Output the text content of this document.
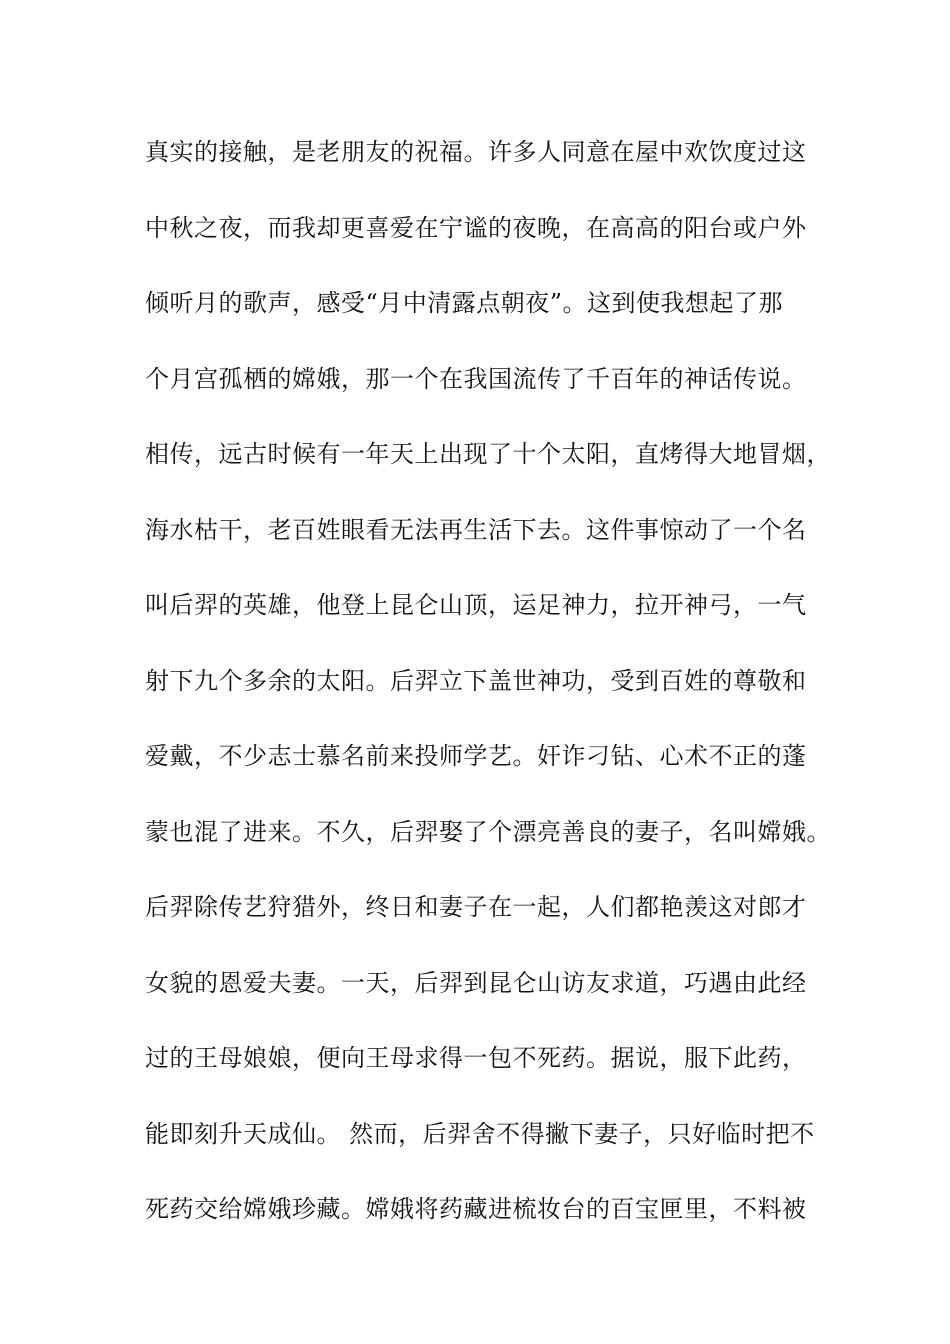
真实的接触，是老朋友的祝福。许多人同意在屋中欢饮度过这
中秋之夜，而我却更喜爱在宁谧的夜晚，在高高的阳台或户外
倾听月的歌声，感受“月中清露点朝夜”。这到使我想起了那
个月宫孤栖的嫦娥，那一个在我国流传了千百年的神话传说。
相传，远古时候有一年天上出现了十个太阳，直烤得大地冒烟，
海水枯干，老百姓眼看无法再生活下去。这件事惊动了一个名
叫后羿的英雄，他登上昆仑山顶，运足神力，拉开神弓，一气
射下九个多余的太阳。后羿立下盖世神功，受到百姓的尊敬和
爱戴，不少志士慕名前来投师学艺。奸诈刁钻、心术不正的蓬
蒙也混了进来。不久，后羿娶了个漂亮善良的妻子，名叫嫦娥。
后羿除传艺狩猎外，终日和妻子在一起，人们都艳羡这对郎才
女貌的恩爱夫妻。一天，后羿到昆仑山访友求道，巧遇由此经
过的王母娘娘，便向王母求得一包不死药。据说，服下此药，
能即刻升天成仙。 然而，后羿舍不得撇下妻子，只好临时把不
死药交给嫦娥珍藏。嫦娥将药藏进梳妆台的百宝匣里，不料被
